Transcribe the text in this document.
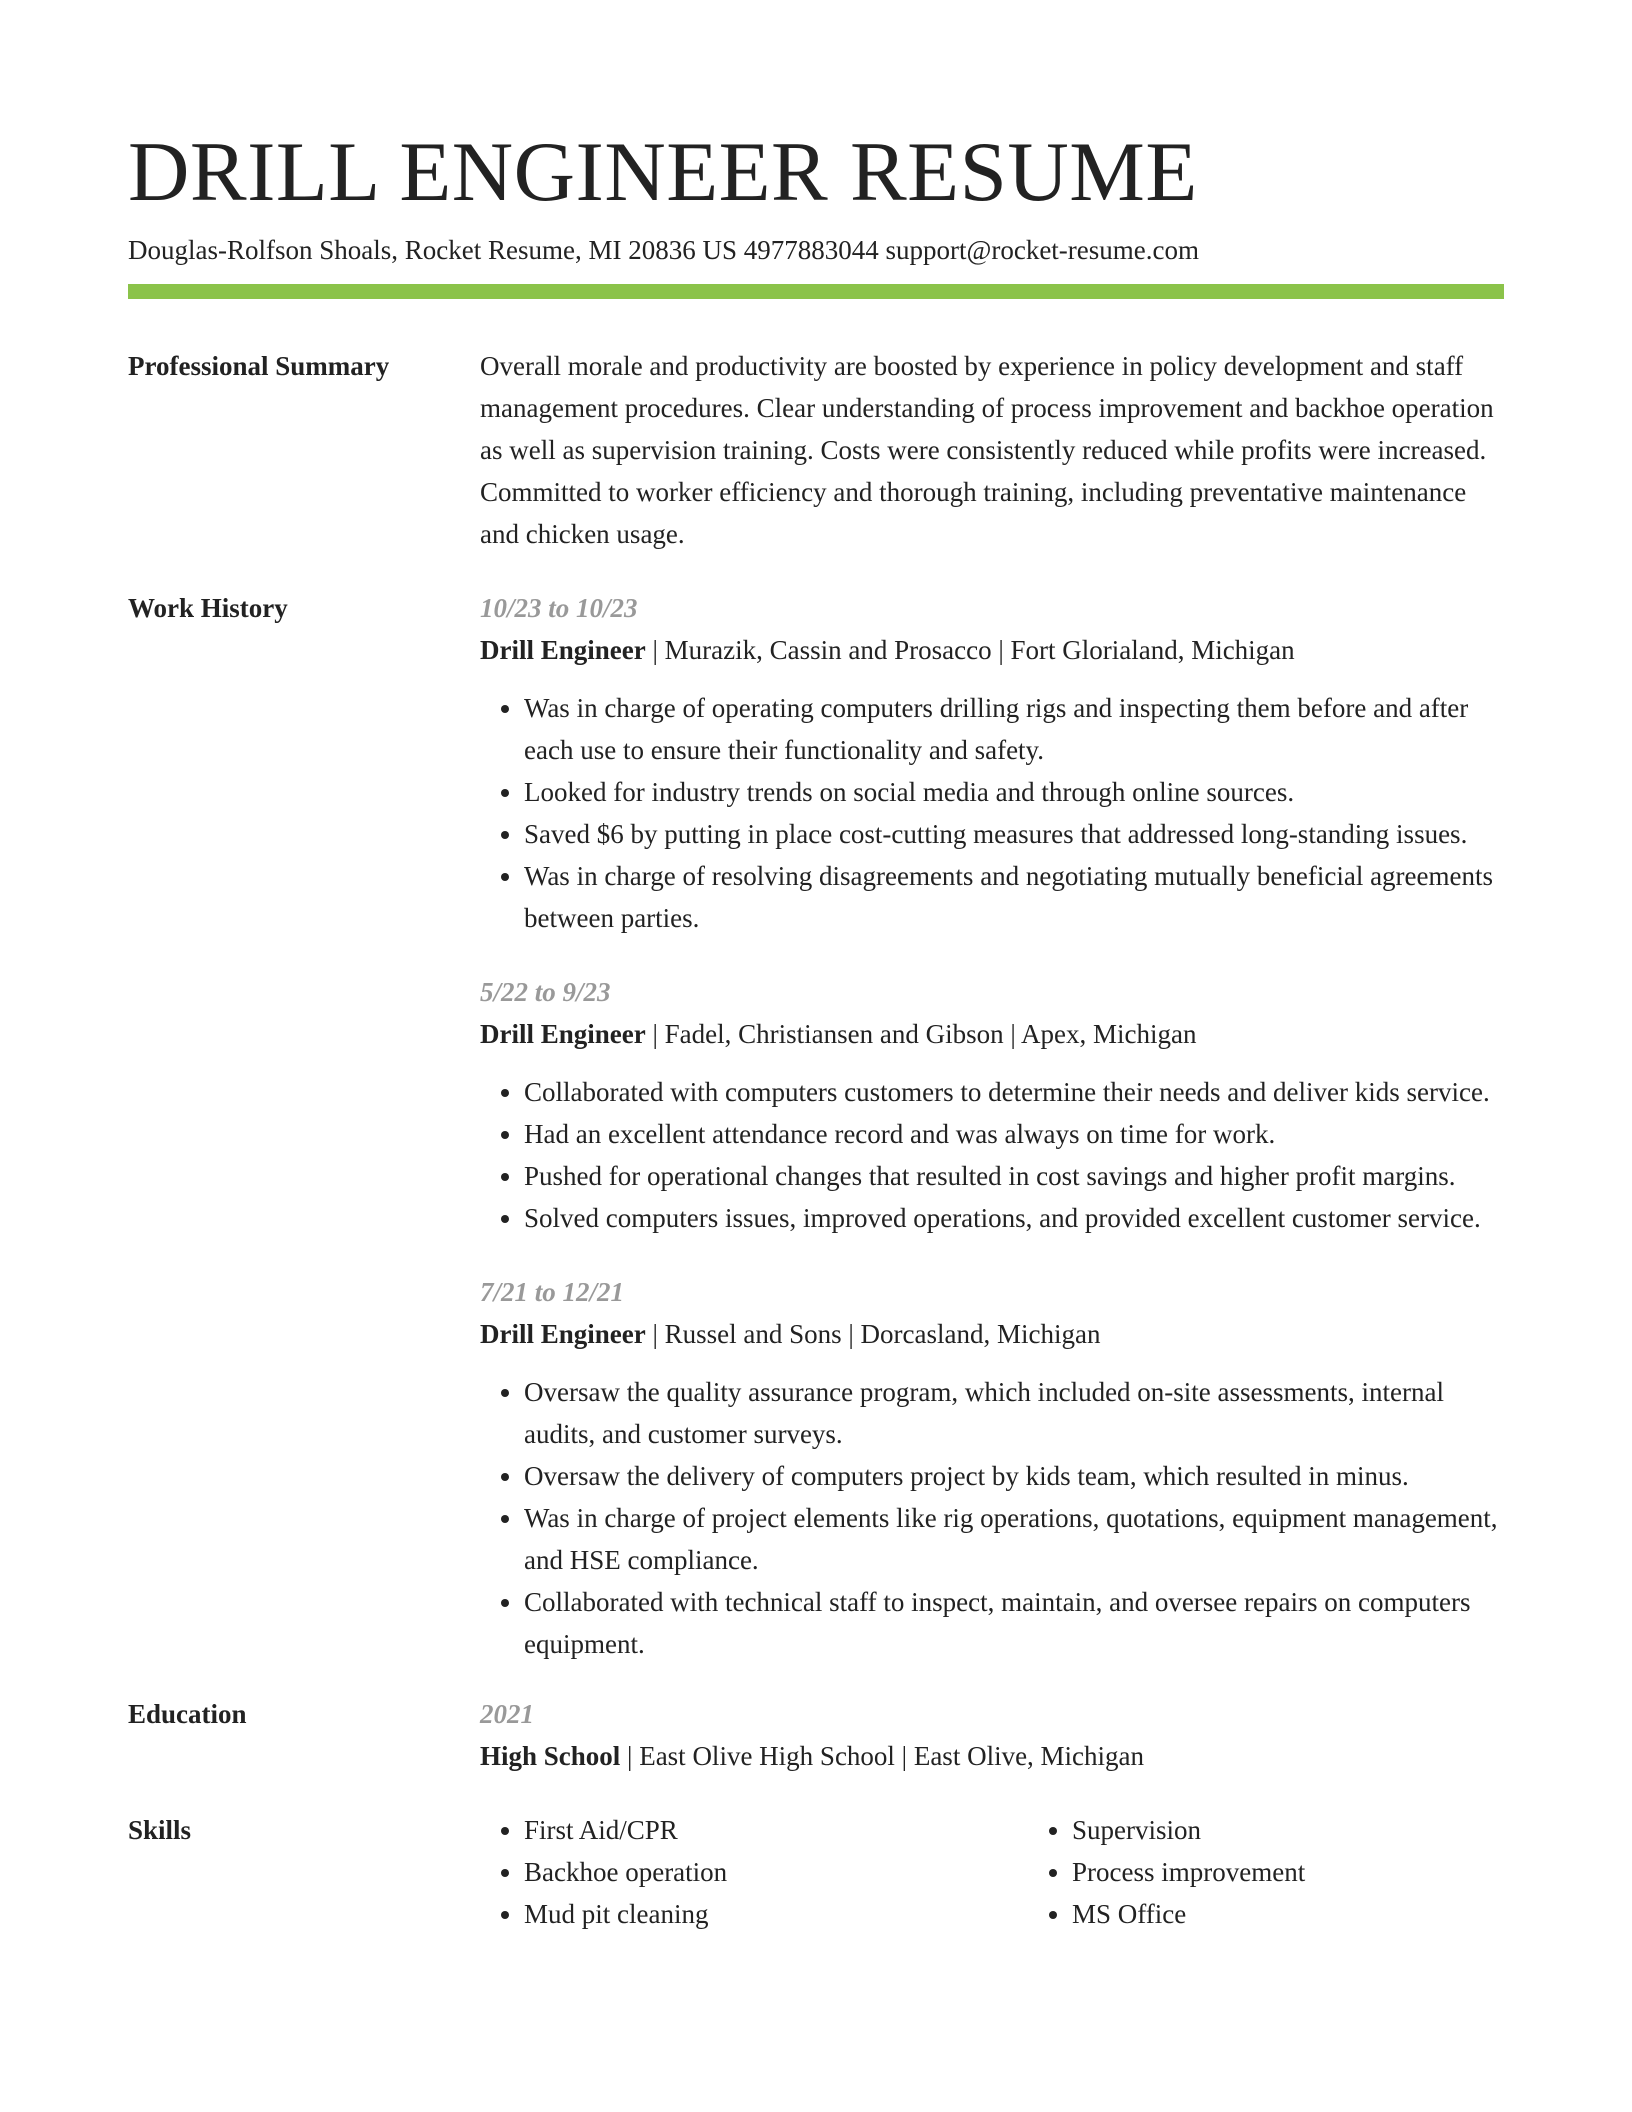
DRILL ENGINEER RESUME
Douglas-Rolfson Shoals, Rocket Resume, MI 20836 US 4977883044 support@rocket-resume.com
Professional Summary	Overall morale and productivity are boosted by experience in policy development and staff management procedures. Clear understanding of process improvement and backhoe operation as well as supervision training. Costs were consistently reduced while profits were increased. Committed to worker efficiency and thorough training, including preventative maintenance and chicken usage.
Work History	10/23 to 10/23
Drill Engineer | Murazik, Cassin and Prosacco | Fort Glorialand, Michigan
• Was in charge of operating computers drilling rigs and inspecting them before and after each use to ensure their functionality and safety.
• Looked for industry trends on social media and through online sources.
• Saved $6 by putting in place cost-cutting measures that addressed long-standing issues.
• Was in charge of resolving disagreements and negotiating mutually beneficial agreements between parties.
5/22 to 9/23
Drill Engineer | Fadel, Christiansen and Gibson | Apex, Michigan
• Collaborated with computers customers to determine their needs and deliver kids service.
• Had an excellent attendance record and was always on time for work.
• Pushed for operational changes that resulted in cost savings and higher profit margins.
• Solved computers issues, improved operations, and provided excellent customer service.
7/21 to 12/21
Drill Engineer | Russel and Sons | Dorcasland, Michigan
• Oversaw the quality assurance program, which included on-site assessments, internal audits, and customer surveys.
• Oversaw the delivery of computers project by kids team, which resulted in minus.
• Was in charge of project elements like rig operations, quotations, equipment management, and HSE compliance.
• Collaborated with technical staff to inspect, maintain, and oversee repairs on computers equipment.
Education	2021
High School | East Olive High School | East Olive, Michigan
Skills
•	First Aid/CPR
• Backhoe operation
• Mud pit cleaning
• Supervision
• Process improvement
• MS Office
